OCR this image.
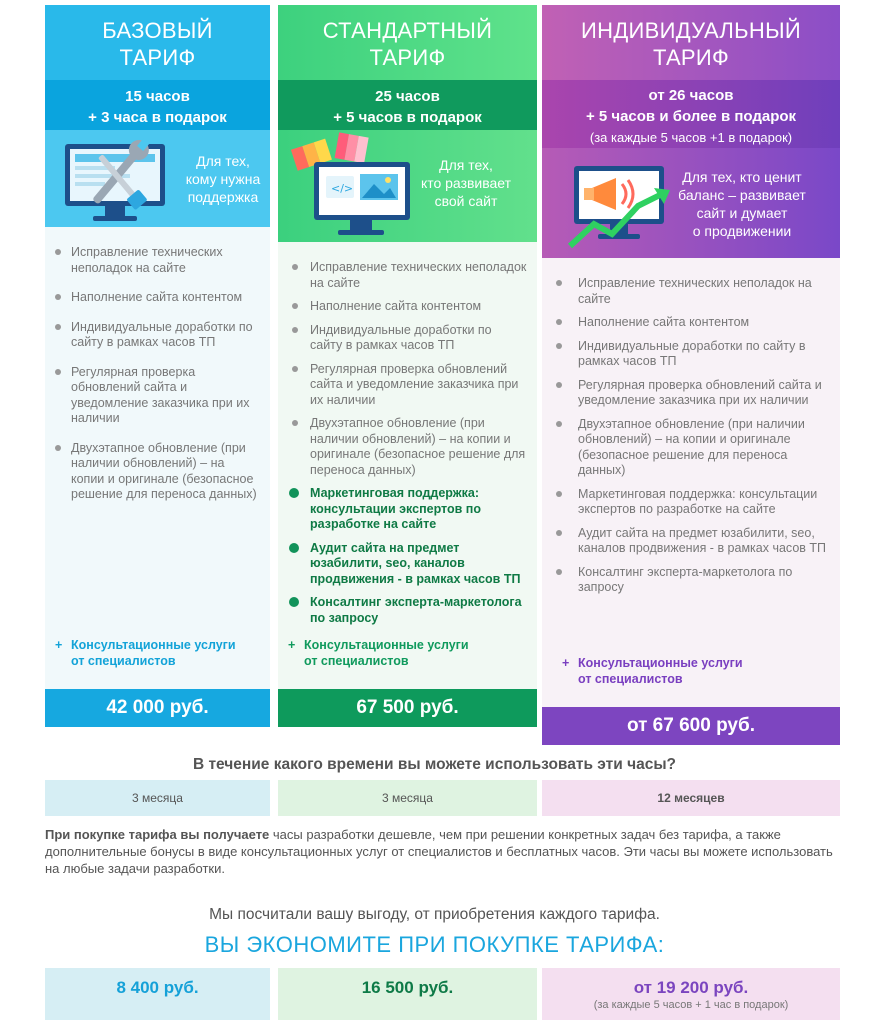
БАЗОВЫЙ
ТАРИФ
15 часов
+ 3 часа в подарок
Для тех,
кому нужна
поддержка
Исправление технических неполадок на сайте
Наполнение сайта контентом
Индивидуальные доработки по сайту в рамках часов ТП
Регулярная проверка обновлений сайта и уведомление заказчика при их наличии
Двухэтапное обновление (при наличии обновлений) – на копии и оригинале (безопасное решение для переноса данных)
+ Консультационные услуги
от специалистов
42 000 руб.
СТАНДАРТНЫЙ
ТАРИФ
25 часов
+ 5 часов в подарок
</>
Для тех,
кто развивает
свой сайт
Исправление технических неполадок на сайте
Наполнение сайта контентом
Индивидуальные доработки по сайту в рамках часов ТП
Регулярная проверка обновлений сайта и уведомление заказчика при их наличии
Двухэтапное обновление (при наличии обновлений) – на копии и оригинале (безопасное решение для переноса данных)
Маркетинговая поддержка: консультации экспертов по разработке на сайте
Аудит сайта на предмет юзабилити, seo, каналов продвижения - в рамках часов ТП
Консалтинг эксперта-маркетолога по запросу
+ Консультационные услуги
от специалистов
67 500 руб.
ИНДИВИДУАЛЬНЫЙ
ТАРИФ
от 26 часов
+ 5 часов и более в подарок
(за каждые 5 часов +1 в подарок)
Для тех, кто ценит
баланс – развивает
сайт и думает
о продвижении
Исправление технических неполадок на сайте
Наполнение сайта контентом
Индивидуальные доработки по сайту в рамках часов ТП
Регулярная проверка обновлений сайта и уведомление заказчика при их наличии
Двухэтапное обновление (при наличии обновлений) – на копии и оригинале (безопасное решение для переноса данных)
Маркетинговая поддержка: консультации экспертов по разработке на сайте
Аудит сайта на предмет юзабилити, seo, каналов продвижения - в рамках часов ТП
Консалтинг эксперта-маркетолога по запросу
+ Консультационные услуги
от специалистов
от 67 600 руб.
В течение какого времени вы можете использовать эти часы?
3 месяца	3 месяца	12 месяцев
При покупке тарифа вы получаете часы разработки дешевле, чем при решении конкретных задач без тарифа, а также дополнительные бонусы в виде консультационных услуг от специалистов и бесплатных часов. Эти часы вы можете использовать на любые задачи разработки.
Мы посчитали вашу выгоду, от приобретения каждого тарифа.
ВЫ ЭКОНОМИТЕ ПРИ ПОКУПКЕ ТАРИФА:
8 400 руб.	16 500 руб.	от 19 200 руб.
(за каждые 5 часов + 1 час в подарок)
